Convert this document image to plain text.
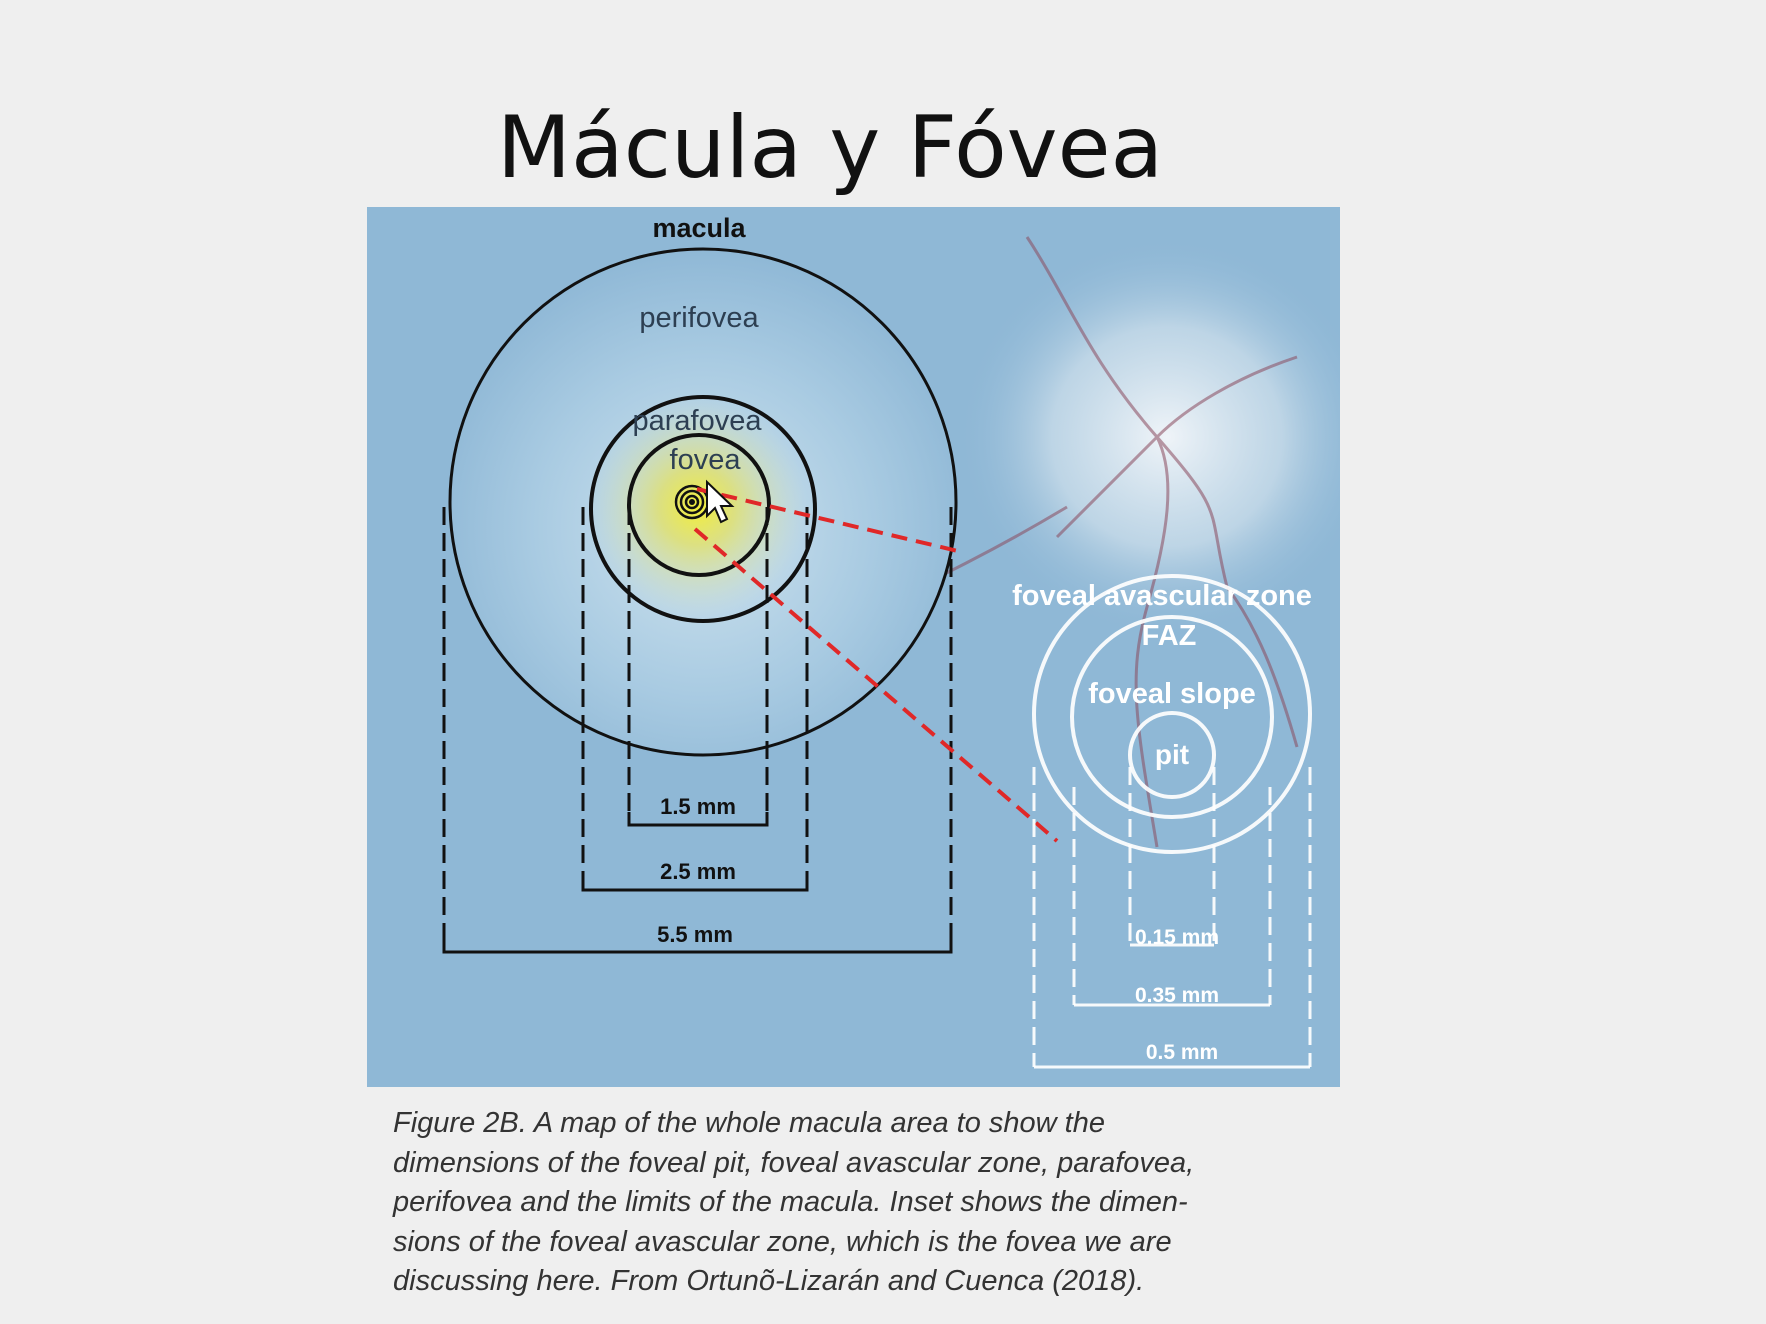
Mácula y Fóvea
macula
perifovea
parafovea
fovea
1.5 mm
2.5 mm
5.5 mm
foveal avascular zone
FAZ
foveal slope
pit
0.15 mm
0.35 mm
0.5 mm
Figure 2B. A map of the whole macula area to show the
dimensions of the foveal pit, foveal avascular zone, parafovea,
perifovea and the limits of the macula. Inset shows the dimen-
sions of the foveal avascular zone, which is the fovea we are
discussing here. From Ortunõ-Lizarán and Cuenca (2018).
